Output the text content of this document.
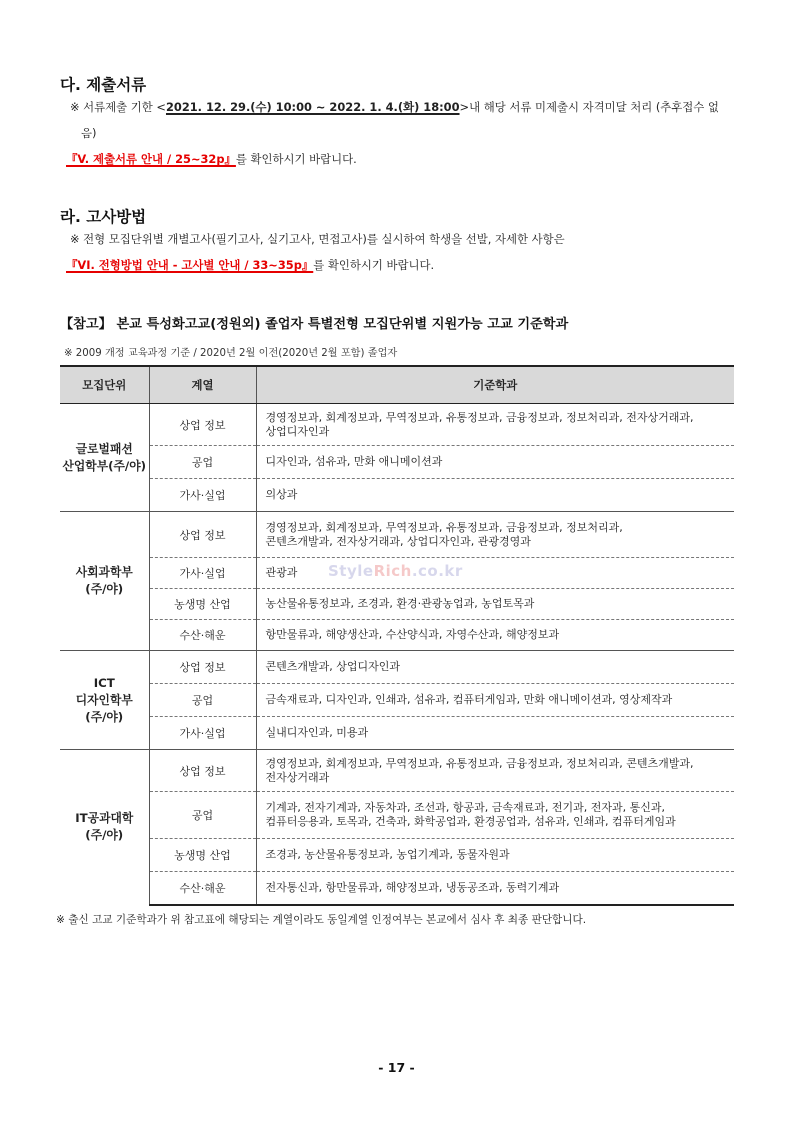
다. 제출서류
※ 서류제출 기한 <2021. 12. 29.(수) 10:00 ~ 2022. 1. 4.(화) 18:00>내 해당 서류 미제출시 자격미달 처리 (추후접수 없
음)
『V. 제출서류 안내 / 25~32p』를 확인하시기 바랍니다.
라. 고사방법
※ 전형 모집단위별 개별고사(필기고사, 실기고사, 면접고사)를 실시하여 학생을 선발, 자세한 사항은
『VI. 전형방법 안내 - 고사별 안내 / 33~35p』를 확인하시기 바랍니다.
【참고】 본교 특성화고교(정원외) 졸업자 특별전형 모집단위별 지원가능 고교 기준학과
※ 2009 개정 교육과정 기준 / 2020년 2월 이전(2020년 2월 포함) 졸업자
모집단위	계열	기준학과
글로벌패션
산업학부(주/야)	상업 정보	경영정보과, 회계정보과, 무역정보과, 유통정보과, 금융정보과, 정보처리과, 전자상거래과,
상업디자인과
	공업	디자인과, 섬유과, 만화 애니메이션과
	가사·실업	의상과
사회과학부
(주/야)	상업 정보	경영정보과, 회계정보과, 무역정보과, 유통정보과, 금융정보과, 정보처리과,
콘텐츠개발과, 전자상거래과, 상업디자인과, 관광경영과
	가사·실업	관광과
	농생명 산업	농산물유통정보과, 조경과, 환경·관광농업과, 농업토목과
	수산·해운	항만물류과, 해양생산과, 수산양식과, 자영수산과, 해양정보과
ICT
디자인학부
(주/야)	상업 정보	콘텐츠개발과, 상업디자인과
	공업	금속재료과, 디자인과, 인쇄과, 섬유과, 컴퓨터게임과, 만화 애니메이션과, 영상제작과
	가사·실업	실내디자인과, 미용과
IT공과대학
(주/야)	상업 정보	경영정보과, 회계정보과, 무역정보과, 유통정보과, 금융정보과, 정보처리과, 콘텐츠개발과,
전자상거래과
	공업	기계과, 전자기계과, 자동차과, 조선과, 항공과, 금속재료과, 전기과, 전자과, 통신과,
컴퓨터응용과, 토목과, 건축과, 화학공업과, 환경공업과, 섬유과, 인쇄과, 컴퓨터게임과
	농생명 산업	조경과, 농산물유통정보과, 농업기계과, 동물자원과
	수산·해운	전자통신과, 항만물류과, 해양정보과, 냉동공조과, 동력기계과
※ 출신 고교 기준학과가 위 참고표에 해당되는 계열이라도 동일계열 인정여부는 본교에서 심사 후 최종 판단합니다.
- 17 -
StyleRich.co.kr
